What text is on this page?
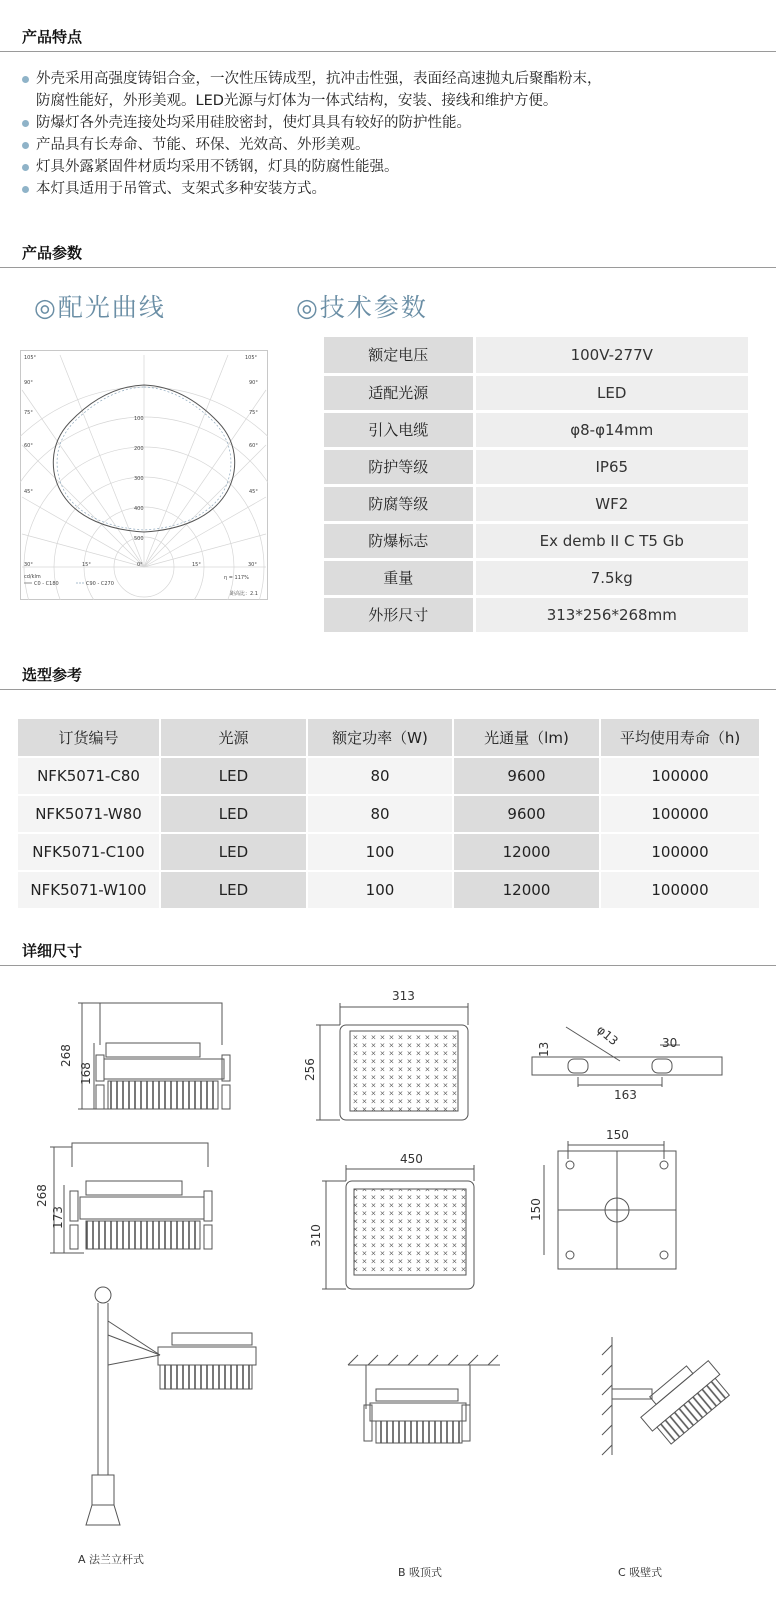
产品特点
外壳采用高强度铸铝合金，一次性压铸成型，抗冲击性强，表面经高速抛丸后聚酯粉末，
防腐性能好，外形美观。LED光源与灯体为一体式结构，安装、接线和维护方便。
防爆灯各外壳连接处均采用硅胶密封，使灯具具有较好的防护性能。
产品具有长寿命、节能、环保、光效高、外形美观。
灯具外露紧固件材质均采用不锈钢，灯具的防腐性能强。
本灯具适用于吊管式、支架式多种安装方式。
产品参数
◎配光曲线	◎技术参数
105°	105°
90°	90°
75°	75°
60°	60°
45°	45°
30°	15°	0°	15°	30°
200
300
400
500
100
cd/klm
C0 - C180	C90 - C270
η = 117%
距高比：2.1
额定电压	100V-277V
适配光源	LED
引入电缆	φ8-φ14mm
防护等级	IP65
防腐等级	WF2
防爆标志	Ex demb II C T5 Gb
重量	7.5kg
外形尺寸	313*256*268mm
选型参考
订货编号	光源	额定功率（W)	光通量（lm)	平均使用寿命（h)
NFK5071-C80	LED	80	9600	100000
NFK5071-W80	LED	80	9600	100000
NFK5071-C100	LED	100	12000	100000
NFK5071-W100	LED	100	12000	100000
详细尺寸
268
168
313
256
φ13
13	30
163
268
173
450
310
150
150
A 法兰立杆式
B 吸顶式	C 吸壁式
